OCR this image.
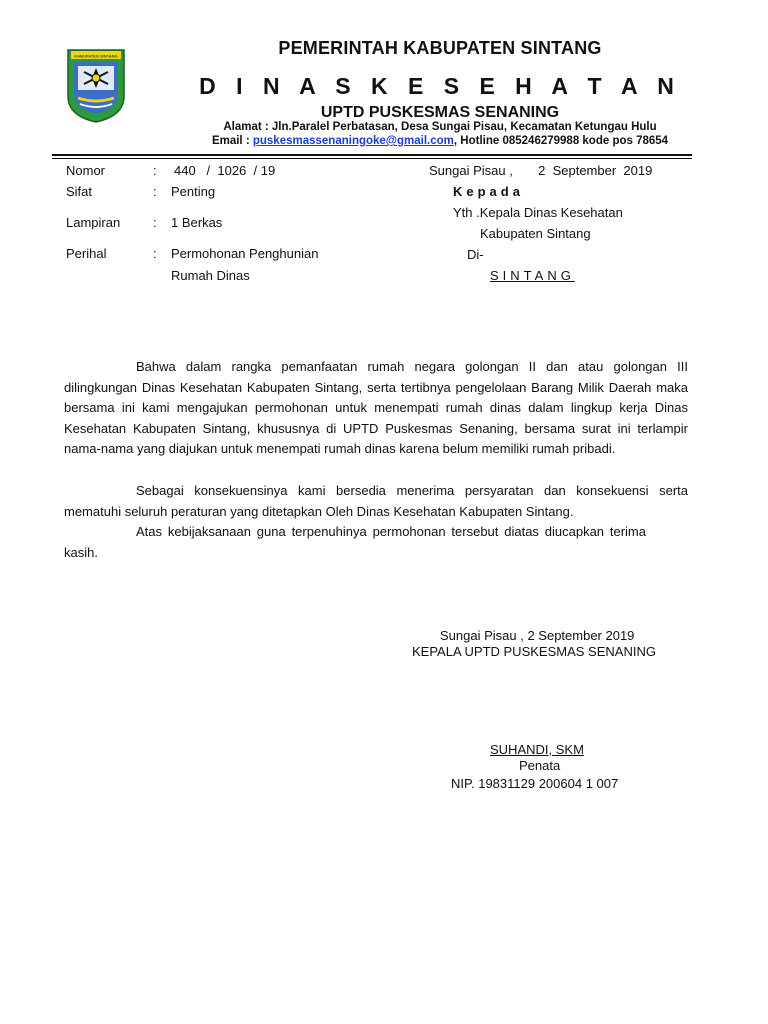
KABUPATEN SINTANG	PEMERINTAH KABUPATEN SINTANG
D I N A S K E S E H A T A N
UPTD PUSKESMAS SENANING
Alamat : Jln.Paralel Perbatasan, Desa Sungai Pisau, Kecamatan Ketungau Hulu
Email : puskesmassenaningoke@gmail.com, Hotline 085246279988 kode pos 78654
Nomor	: 440   /  1026  / 19
Sifat	: Penting
Lampiran	: 1 Berkas
Perihal	: Permohonan Penghunian
Rumah Dinas
Sungai Pisau ,       2  September  2019
Kepada
Yth .Kepala Dinas Kesehatan
Kabupaten Sintang
Di-
SINTANG

Bahwa dalam rangka pemanfaatan rumah negara golongan II dan atau golongan III dilingkungan Dinas Kesehatan Kabupaten Sintang, serta tertibnya pengelolaan Barang Milik Daerah maka bersama ini kami mengajukan permohonan untuk menempati rumah dinas dalam lingkup kerja Dinas Kesehatan Kabupaten Sintang, khususnya di UPTD Puskesmas Senaning, bersama surat ini terlampir nama-nama yang diajukan untuk menempati rumah dinas karena belum memiliki rumah pribadi.

Sebagai konsekuensinya kami bersedia menerima persyaratan dan konsekuensi serta mematuhi seluruh peraturan yang ditetapkan Oleh Dinas Kesehatan Kabupaten Sintang.

Atas kebijaksanaan guna terpenuhinya permohonan tersebut diatas diucapkan terima kasih.

Sungai Pisau , 2 September 2019
KEPALA UPTD PUSKESMAS SENANING
SUHANDI, SKM
Penata
NIP. 19831129 200604 1 007
